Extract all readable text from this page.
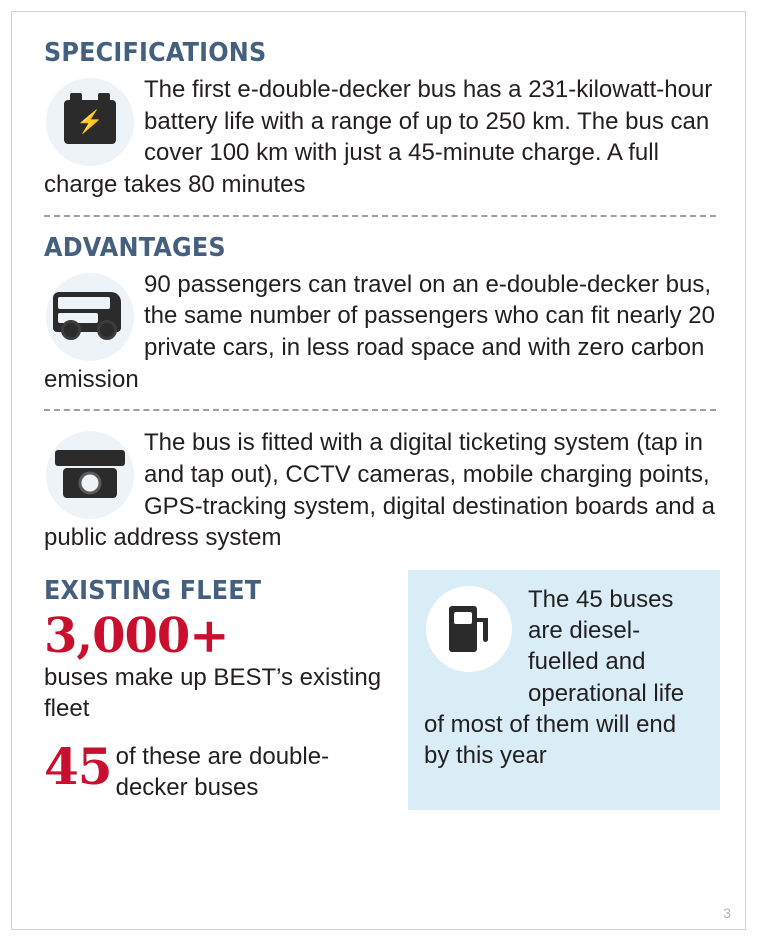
SPECIFICATIONS
⚡

The first e-double-decker bus has a 231-kilowatt-hour battery life with a range of up to 250 km. The bus can cover 100 km with just a 45-minute charge. A full charge takes 80 minutes

ADVANTAGES

90 passengers can travel on an e-double-decker bus, the same number of passengers who can fit nearly 20 private cars, in less road space and with zero carbon emission

The bus is fitted with a digital ticketing system (tap in and tap out), CCTV cameras, mobile charging points, GPS-tracking system, digital destination boards and a public address system

EXISTING FLEET
3,000+
buses make up BEST’s existing fleet
45 of these are double-decker buses
The 45 buses are diesel-fuelled and operational life of most of them will end by this year
3
